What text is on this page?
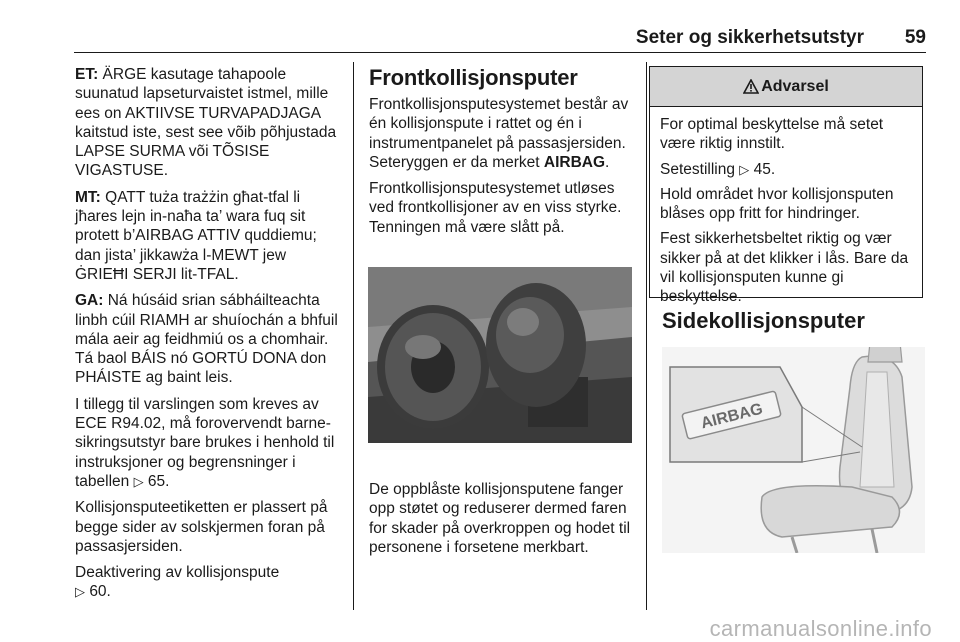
Seter og sikkerhetsutstyr 59

ET: ÄRGE kasutage tahapoole suunatud lapseturvaistet istmel, mille ees on AKTIIVSE TURVAPADJAGA kaitstud iste, sest see võib põhjustada LAPSE SURMA või TÕSISE VIGASTUSE.

MT: QATT tuża trażżin għat-tfal li jħares lejn in-naħa ta’ wara fuq sit protett b’AIRBAG ATTIV quddiemu; dan jista’ jikkawża l-MEWT jew ĠRIEĦI SERJI lit-TFAL.

GA: Ná húsáid srian sábháilteachta linbh cúil RIAMH ar shuíochán a bhfuil mála aeir ag feidhmiú os a chomhair. Tá baol BÁIS nó GORTÚ DONA don PHÁISTE ag baint leis.

I tillegg til varslingen som kreves av ECE R94.02, må forovervendt barnesikringsutstyr bare brukes i henhold til instruksjoner og begrensninger i tabellen ▷ 65.

Kollisjonsputeetiketten er plassert på begge sider av solskjermen foran på passasjersiden.

Deaktivering av kollisjonspute
▷ 60.

Frontkollisjonsputer

Frontkollisjonsputesystemet består av én kollisjonspute i rattet og én i instrumentpanelet på passasjersiden. Seteryggen er da merket AIRBAG.

Frontkollisjonsputesystemet utløses ved frontkollisjoner av en viss styrke. Tenningen må være slått på.

De oppblåste kollisjonsputene fanger opp støtet og reduserer dermed faren for skader på overkroppen og hodet til personene i forsetene merkbart.

Advarsel

For optimal beskyttelse må setet være riktig innstilt.

Setestilling ▷ 45.

Hold området hvor kollisjonsputen blåses opp fritt for hindringer.

Fest sikkerhetsbeltet riktig og vær sikker på at det klikker i lås. Bare da vil kollisjonsputen kunne gi beskyttelse.

Sidekollisjonsputer
AIRBAG
carmanualsonline.info
